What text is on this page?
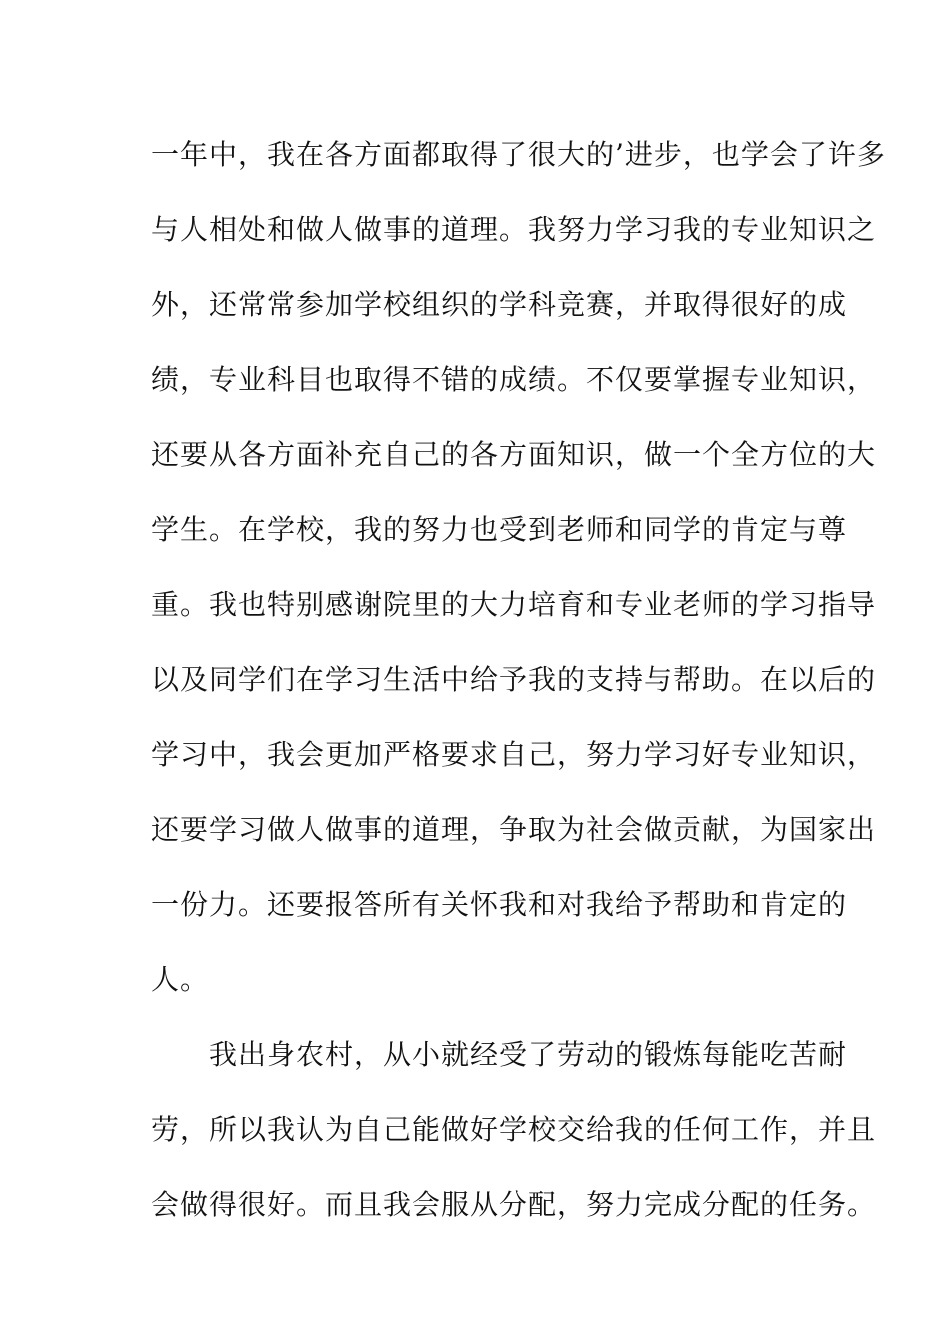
一年中，我在各方面都取得了很大的’进步，也学会了许多
与人相处和做人做事的道理。我努力学习我的专业知识之
外，还常常参加学校组织的学科竞赛，并取得很好的成
绩，专业科目也取得不错的成绩。不仅要掌握专业知识，
还要从各方面补充自己的各方面知识，做一个全方位的大
学生。在学校，我的努力也受到老师和同学的肯定与尊
重。我也特别感谢院里的大力培育和专业老师的学习指导
以及同学们在学习生活中给予我的支持与帮助。在以后的
学习中，我会更加严格要求自己，努力学习好专业知识，
还要学习做人做事的道理，争取为社会做贡献，为国家出
一份力。还要报答所有关怀我和对我给予帮助和肯定的
人。
　　我出身农村，从小就经受了劳动的锻炼每能吃苦耐
劳，所以我认为自己能做好学校交给我的任何工作，并且
会做得很好。而且我会服从分配，努力完成分配的任务。
